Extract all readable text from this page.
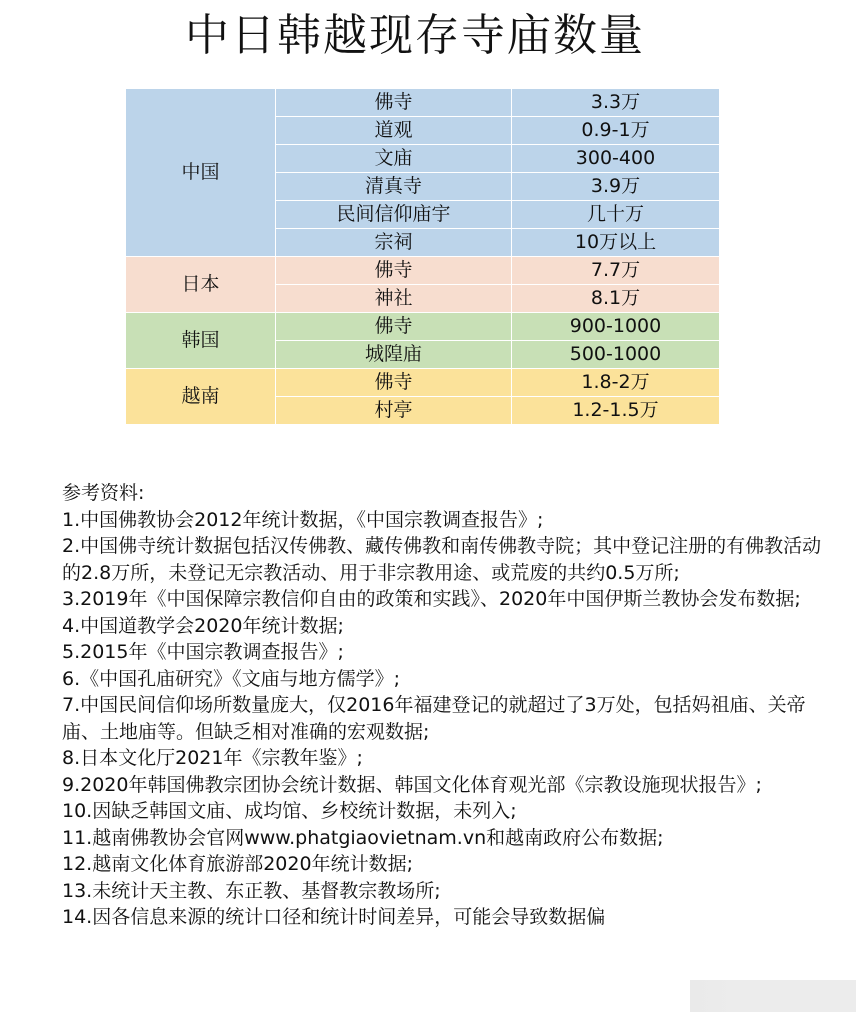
中日韩越现存寺庙数量
中国	佛寺	3.3万
	道观	0.9-1万
	文庙	300-400
	清真寺	3.9万
	民间信仰庙宇	几十万
	宗祠	10万以上
日本	佛寺	7.7万
	神社	8.1万
韩国	佛寺	900-1000
	城隍庙	500-1000
越南	佛寺	1.8-2万
	村亭	1.2-1.5万

参考资料:

1.中国佛教协会2012年统计数据，《中国宗教调查报告》;

2.中国佛寺统计数据包括汉传佛教、藏传佛教和南传佛教寺院；其中登记注册的有佛教活动的2.8万所，未登记无宗教活动、用于非宗教用途、或荒废的共约0.5万所;

3.2019年《中国保障宗教信仰自由的政策和实践》、2020年中国伊斯兰教协会发布数据;

4.中国道教学会2020年统计数据;

5.2015年《中国宗教调查报告》;

6.《中国孔庙研究》《文庙与地方儒学》;

7.中国民间信仰场所数量庞大，仅2016年福建登记的就超过了3万处，包括妈祖庙、关帝庙、土地庙等。但缺乏相对准确的宏观数据;

8.日本文化厅2021年《宗教年鉴》;

9.2020年韩国佛教宗团协会统计数据、韩国文化体育观光部《宗教设施现状报告》;

10.因缺乏韩国文庙、成均馆、乡校统计数据，未列入;

11.越南佛教协会官网www.phatgiaovietnam.vn和越南政府公布数据;

12.越南文化体育旅游部2020年统计数据;

13.未统计天主教、东正教、基督教宗教场所;

14.因各信息来源的统计口径和统计时间差异，可能会导致数据偏
